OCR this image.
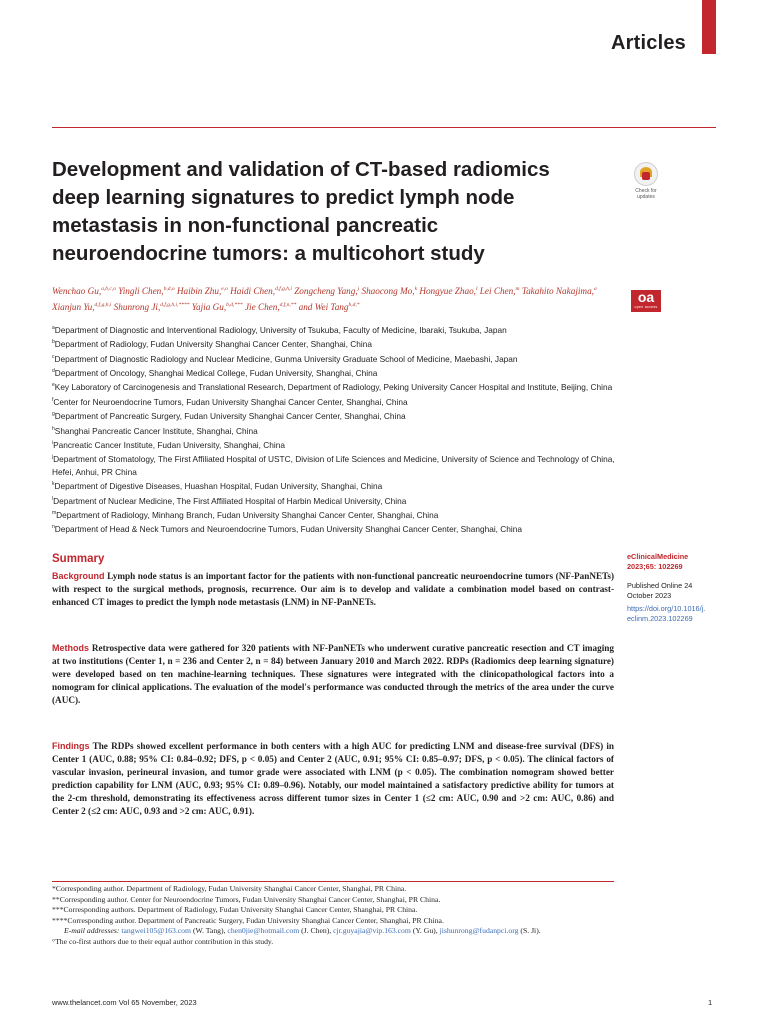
Articles
Development and validation of CT-based radiomics deep learning signatures to predict lymph node metastasis in non-functional pancreatic neuroendocrine tumors: a multicohort study
Check for updates
oa
open access
Wenchao Gu,$^{a,b,c,o}$ Yingli Chen,$^{b,d,o}$ Haibin Zhu,$^{e,o}$ Haidi Chen,$^{d,f,g,h,i}$ Zongcheng Yang,$^j$ Shaocong Mo,$^k$ Hongyue Zhao,$^l$ Lei Chen,$^m$ Takahito Nakajima,$^a$ Xianjun Yu,$^{d,f,g,h,i}$ Shunrong Ji,$^{d,f,g,h,i,****}$ Yajia Gu,$^{b,d,***}$ Jie Chen,$^{d,f,n,**}$ and Wei Tang$^{b,d,*}$
$^a$Department of Diagnostic and Interventional Radiology, University of Tsukuba, Faculty of Medicine, Ibaraki, Tsukuba, Japan
$^b$Department of Radiology, Fudan University Shanghai Cancer Center, Shanghai, China
$^c$Department of Diagnostic Radiology and Nuclear Medicine, Gunma University Graduate School of Medicine, Maebashi, Japan
$^d$Department of Oncology, Shanghai Medical College, Fudan University, Shanghai, China
$^e$Key Laboratory of Carcinogenesis and Translational Research, Department of Radiology, Peking University Cancer Hospital and Institute, Beijing, China
$^f$Center for Neuroendocrine Tumors, Fudan University Shanghai Cancer Center, Shanghai, China
$^g$Department of Pancreatic Surgery, Fudan University Shanghai Cancer Center, Shanghai, China
$^h$Shanghai Pancreatic Cancer Institute, Shanghai, China
$^i$Pancreatic Cancer Institute, Fudan University, Shanghai, China
$^j$Department of Stomatology, The First Affiliated Hospital of USTC, Division of Life Sciences and Medicine, University of Science and Technology of China, Hefei, Anhui, PR China
$^k$Department of Digestive Diseases, Huashan Hospital, Fudan University, Shanghai, China
$^l$Department of Nuclear Medicine, The First Affiliated Hospital of Harbin Medical University, China
$^m$Department of Radiology, Minhang Branch, Fudan University Shanghai Cancer Center, Shanghai, China
$^n$Department of Head & Neck Tumors and Neuroendocrine Tumors, Fudan University Shanghai Cancer Center, Shanghai, China
Summary
Background Lymph node status is an important factor for the patients with non-functional pancreatic neuroendocrine tumors (NF-PanNETs) with respect to the surgical methods, prognosis, recurrence. Our aim is to develop and validate a combination model based on contrast-enhanced CT images to predict the lymph node metastasis (LNM) in NF-PanNETs.
Methods Retrospective data were gathered for 320 patients with NF-PanNETs who underwent curative pancreatic resection and CT imaging at two institutions (Center 1, n = 236 and Center 2, n = 84) between January 2010 and March 2022. RDPs (Radiomics deep learning signature) were developed based on ten machine-learning techniques. These signatures were integrated with the clinicopathological factors into a nomogram for clinical applications. The evaluation of the model's performance was conducted through the metrics of the area under the curve (AUC).
Findings The RDPs showed excellent performance in both centers with a high AUC for predicting LNM and disease-free survival (DFS) in Center 1 (AUC, 0.88; 95% CI: 0.84–0.92; DFS, p < 0.05) and Center 2 (AUC, 0.91; 95% CI: 0.85–0.97; DFS, p < 0.05). The clinical factors of vascular invasion, perineural invasion, and tumor grade were associated with LNM (p < 0.05). The combination nomogram showed better prediction capability for LNM (AUC, 0.93; 95% CI: 0.89–0.96). Notably, our model maintained a satisfactory predictive ability for tumors at the 2-cm threshold, demonstrating its effectiveness across different tumor sizes in Center 1 (≤2 cm: AUC, 0.90 and >2 cm: AUC, 0.86) and Center 2 (≤2 cm: AUC, 0.93 and >2 cm: AUC, 0.91).
eClinicalMedicine 2023;65: 102269
Published Online 24 October 2023
https://doi.org/10.1016/j.eclinm.2023.102269
*Corresponding author. Department of Radiology, Fudan University Shanghai Cancer Center, Shanghai, PR China.
**Corresponding author. Center for Neuroendocrine Tumors, Fudan University Shanghai Cancer Center, Shanghai, PR China.
***Corresponding authors. Department of Radiology, Fudan University Shanghai Cancer Center, Shanghai, PR China.
****Corresponding author. Department of Pancreatic Surgery, Fudan University Shanghai Cancer Center, Shanghai, PR China.
E-mail addresses: tangwei105@163.com (W. Tang), chen0jie@hotmail.com (J. Chen), cjr.guyajia@vip.163.com (Y. Gu), jishunrong@fudanpci.org (S. Ji).
°The co-first authors due to their equal author contribution in this study.
www.thelancet.com Vol 65 November, 2023	1
